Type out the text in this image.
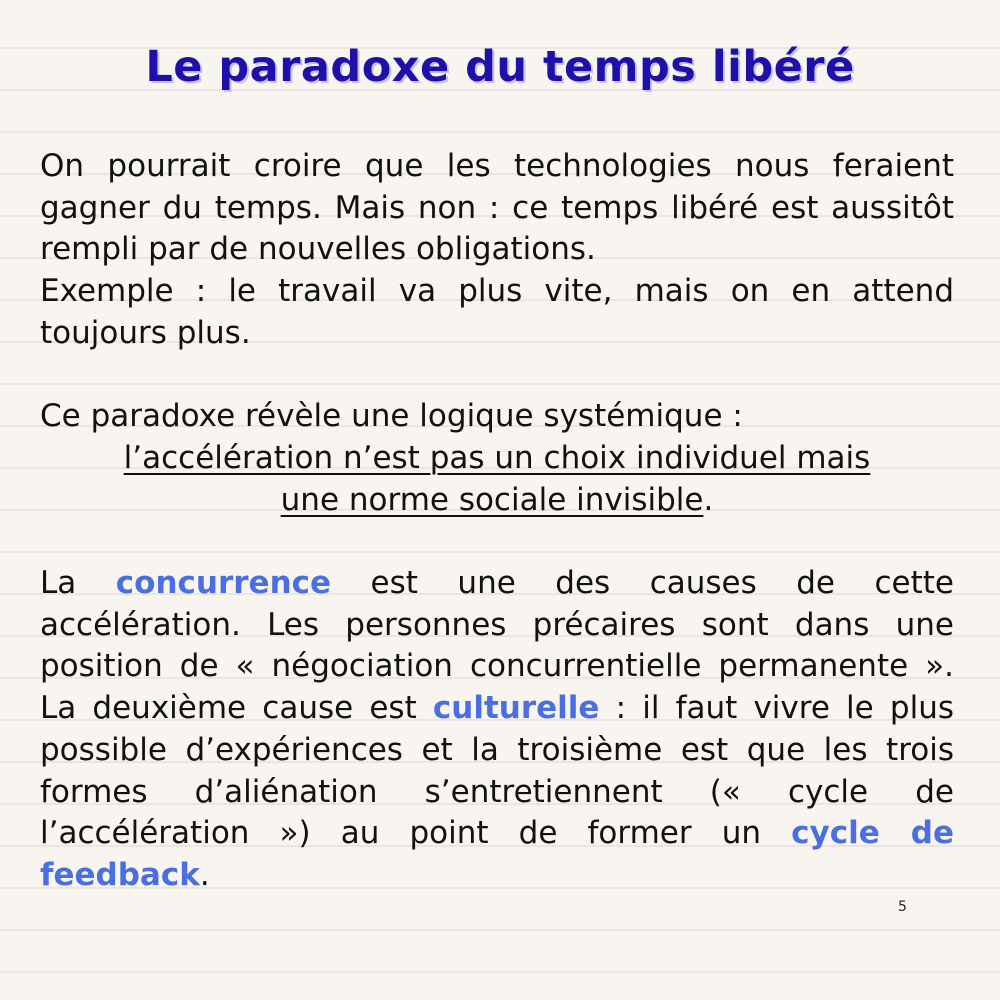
Le paradoxe du temps libéré

On pourrait croire que les technologies nous feraient gagner du temps. Mais non : ce temps libéré est aussitôt rempli par de nouvelles obligations.

Exemple : le travail va plus vite, mais on en attend toujours plus.

Ce paradoxe révèle une logique systémique :

l’accélération n’est pas un choix individuel mais

une norme sociale invisible.

La concurrence est une des causes de cette accélération. Les personnes précaires sont dans une position de « négociation concurrentielle permanente ». La deuxième cause est culturelle : il faut vivre le plus possible d’expériences et la troisième est que les trois formes d’aliénation s’entretiennent (« cycle de l’accélération ») au point de former un cycle de feedback.

5
